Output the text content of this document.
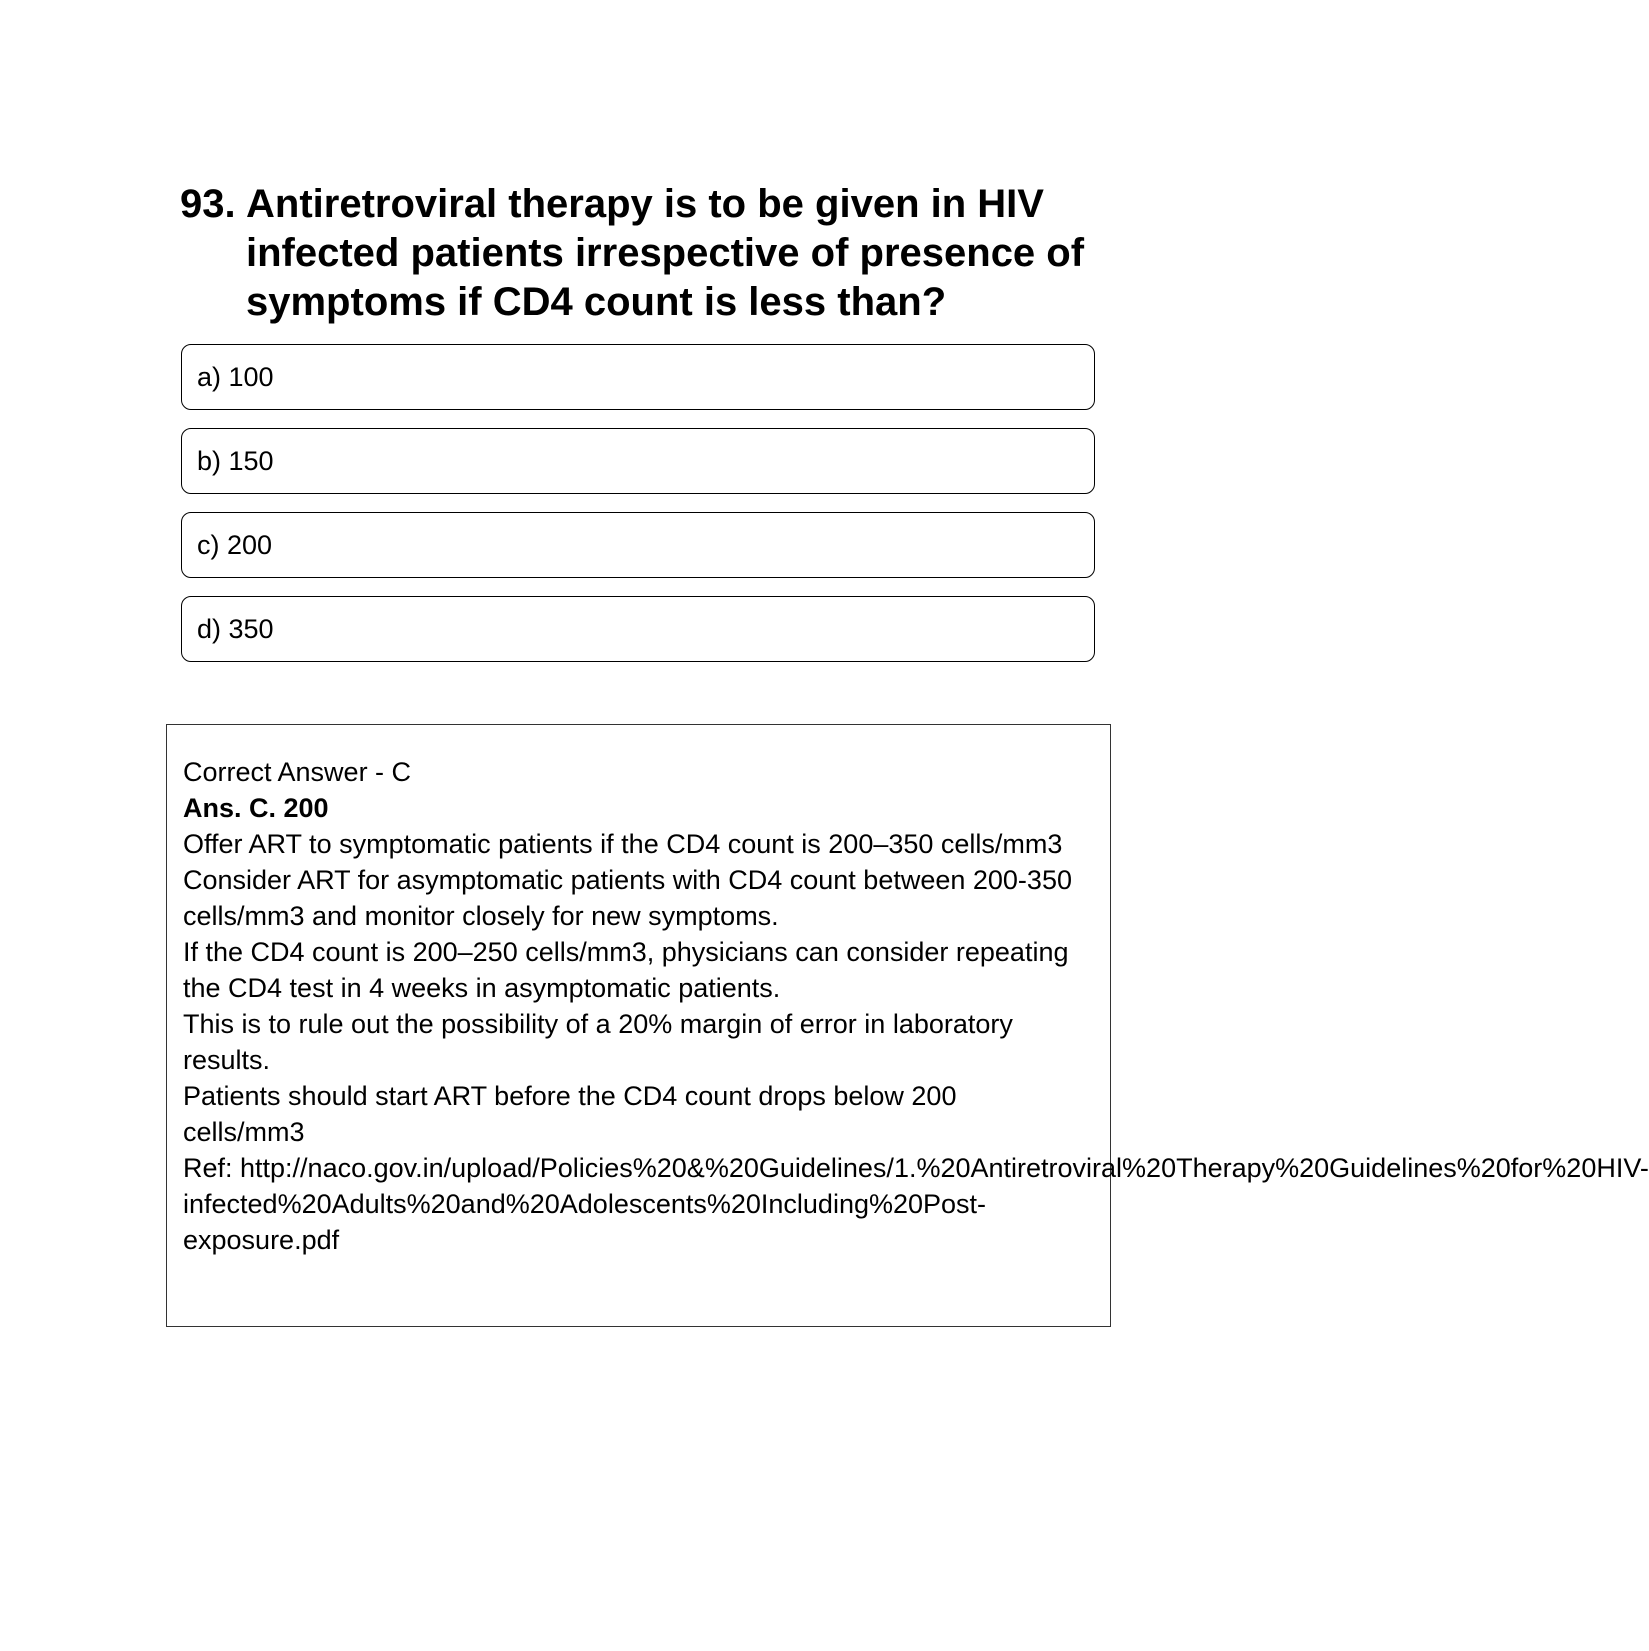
93. Antiretroviral therapy is to be given in HIV infected patients irrespective of presence of symptoms if CD4 count is less than?
a) 100
b) 150
c) 200
d) 350
Correct Answer - C
Ans. C. 200
Offer ART to symptomatic patients if the CD4 count is 200–350 cells/mm3
Consider ART for asymptomatic patients with CD4 count between 200-350 cells/mm3 and monitor closely for new symptoms.
If the CD4 count is 200–250 cells/mm3, physicians can consider repeating the CD4 test in 4 weeks in asymptomatic patients.
This is to rule out the possibility of a 20% margin of error in laboratory results.
Patients should start ART before the CD4 count drops below 200 cells/mm3
Ref: http://naco.gov.in/upload/Policies%20&%20Guidelines/1.%20Antiretroviral%20Therapy%20Guidelines%20for%20HIV-
infected%20Adults%20and%20Adolescents%20Including%20Post-
exposure.pdf
